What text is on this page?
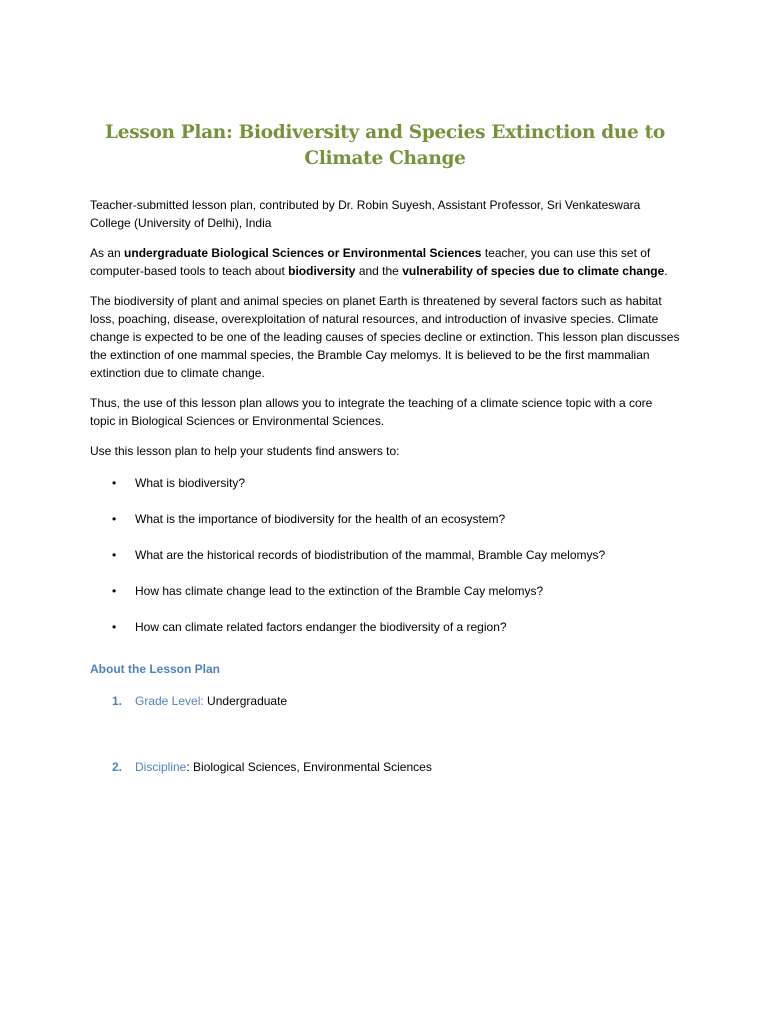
Lesson Plan: Biodiversity and Species Extinction due to Climate Change

Teacher-submitted lesson plan, contributed by Dr. Robin Suyesh, Assistant Professor, Sri Venkateswara College (University of Delhi), India

As an undergraduate Biological Sciences or Environmental Sciences teacher, you can use this set of computer-based tools to teach about biodiversity and the vulnerability of species due to climate change.

The biodiversity of plant and animal species on planet Earth is threatened by several factors such as habitat loss, poaching, disease, overexploitation of natural resources, and introduction of invasive species. Climate change is expected to be one of the leading causes of species decline or extinction. This lesson plan discusses the extinction of one mammal species, the Bramble Cay melomys. It is believed to be the first mammalian extinction due to climate change.

Thus, the use of this lesson plan allows you to integrate the teaching of a climate science topic with a core topic in Biological Sciences or Environmental Sciences.

Use this lesson plan to help your students find answers to:

• What is biodiversity?
• What is the importance of biodiversity for the health of an ecosystem?
• What are the historical records of biodistribution of the mammal, Bramble Cay melomys?
• How has climate change lead to the extinction of the Bramble Cay melomys?
• How can climate related factors endanger the biodiversity of a region?
About the Lesson Plan
1. Grade Level: Undergraduate
2. Discipline: Biological Sciences, Environmental Sciences
